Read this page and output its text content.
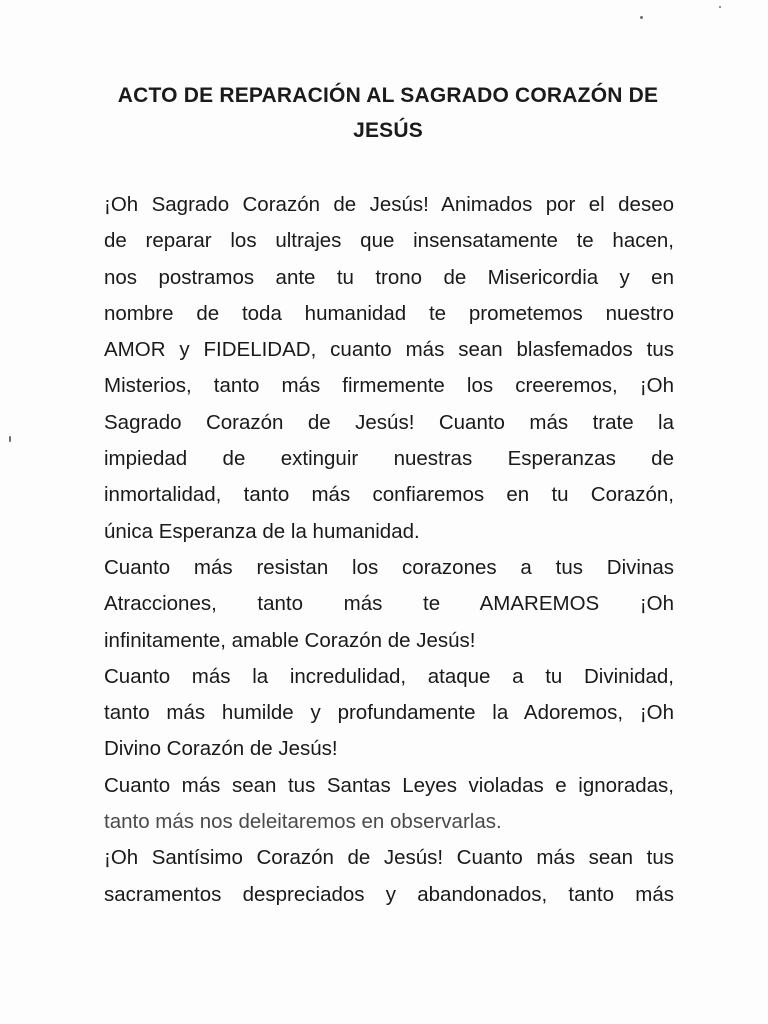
ACTO DE REPARACIÓN AL SAGRADO CORAZÓN DE
JESÚS
¡Oh Sagrado Corazón de Jesús! Animados por el deseo
de reparar los ultrajes que insensatamente te hacen,
nos postramos ante tu trono de Misericordia y en
nombre de toda humanidad te prometemos nuestro
AMOR y FIDELIDAD, cuanto más sean blasfemados tus
Misterios, tanto más firmemente los creeremos, ¡Oh
Sagrado Corazón de Jesús! Cuanto más trate la
impiedad de extinguir nuestras Esperanzas de
inmortalidad, tanto más confiaremos en tu Corazón,
única Esperanza de la humanidad.
Cuanto más resistan los corazones a tus Divinas
Atracciones, tanto más te AMAREMOS ¡Oh
infinitamente, amable Corazón de Jesús!
Cuanto más la incredulidad, ataque a tu Divinidad,
tanto más humilde y profundamente la Adoremos, ¡Oh
Divino Corazón de Jesús!
Cuanto más sean tus Santas Leyes violadas e ignoradas,
tanto más nos deleitaremos en observarlas.
¡Oh Santísimo Corazón de Jesús! Cuanto más sean tus
sacramentos despreciados y abandonados, tanto más
